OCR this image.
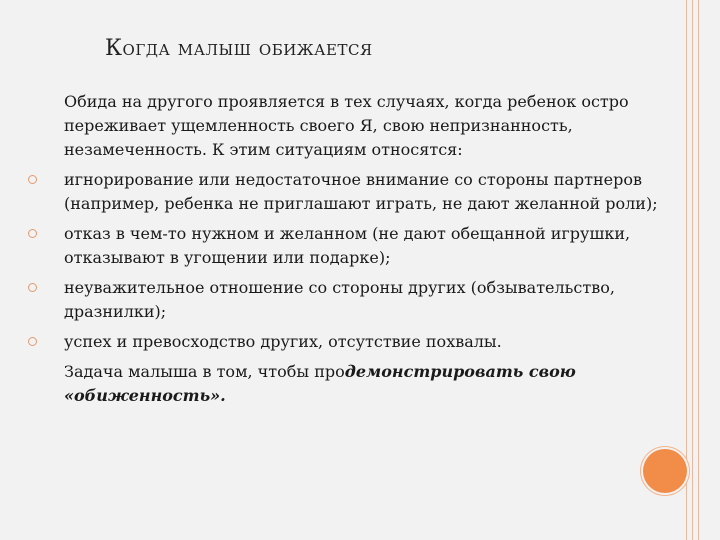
Когда малыш обижается

Обида на другого проявляется в тех случаях, когда ребенок остро переживает ущемленность своего Я, свою непризнанность, незамеченность. К этим ситуациям относятся:

игнорирование или недостаточное внимание со стороны партнеров (например, ребенка не приглашают играть, не дают желанной роли);
отказ в чем-то нужном и желанном (не дают обещанной игрушки, отказывают в угощении или подарке);
неуважительное отношение со стороны других (обзывательство, дразнилки);
успех и превосходство других, отсутствие похвалы.

Задача малыша в том, чтобы продемонстрировать свою «обиженность».
